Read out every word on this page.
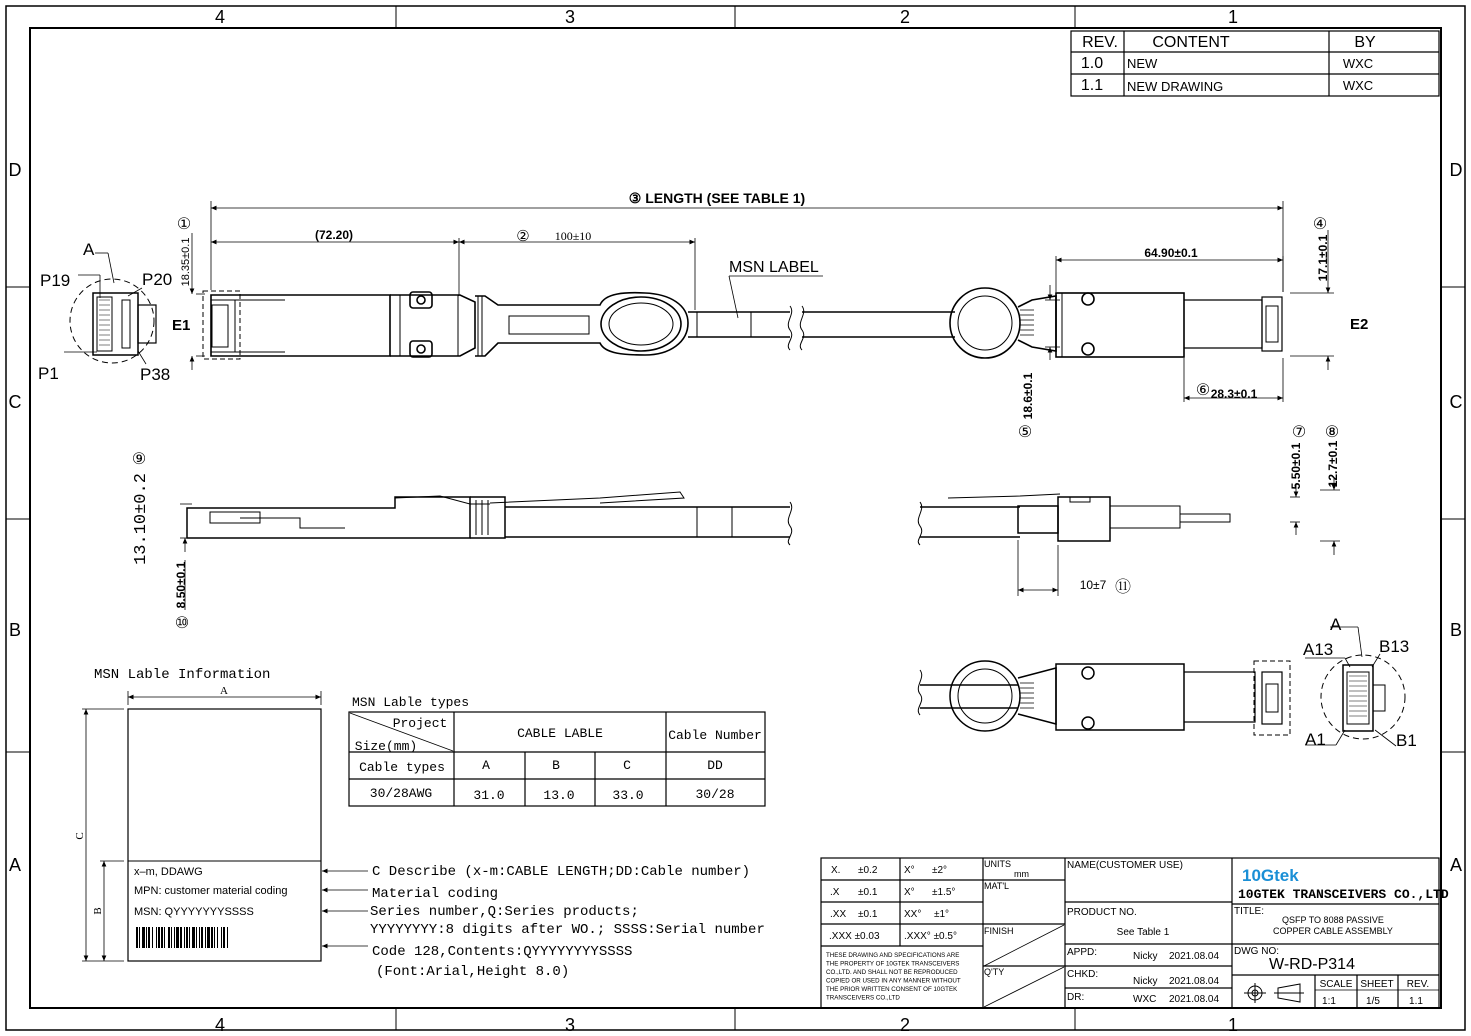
4	3	2	1
4	3	2	1
D
C
B
A
D
C
B
A
REV. CONTENT	BY
1.0 NEW	WXC
1.1 NEW DRAWING	WXC
③ LENGTH (SEE TABLE 1)
(72.20)	② 100±10
①
18.35±0.1	MSN LABEL
E1
A
P19	P20
P1	P38
64.90±0.1	17.1±0.1
④
E2
18.6±0.1
⑤
⑥ 28.3±0.1
⑨
13.10±0.2
8.50±0.1
⑩
5.50±0.1
⑦
12.7±0.1
⑧
10±7 ⑪
A
A13	B13
A1	B1
MSN Lable Information
A
C
B
x–m, DDAWG
MPN: customer material coding
MSN: QYYYYYYYSSSS
C Describe (x-m:CABLE LENGTH;DD:Cable number)
Material coding
Series number,Q:Series products;
YYYYYYYY:8 digits after WO.; SSSS:Serial number
Code 128,Contents:QYYYYYYYYSSSS
(Font:Arial,Height 8.0)
MSN Lable types
Project
Size(mm)
CABLE LABLE	Cable Number
Cable types	A	B	C	DD
30/28AWG	31.0	13.0	33.0	30/28
X. ±0.2	X° ±2°
.X ±0.1	X° ±1.5°
.XX ±0.1	XX° ±1°
.XXX ±0.03 .XXX° ±0.5°
THESE DRAWING AND SPECIFICATIONS ARE
THE PROPERTY OF 10GTEK TRANSCEIVERS
CO.,LTD. AND SHALL NOT BE REPRODUCED
COPIED OR USED IN ANY MANNER WITHOUT
THE PRIOR WRITTEN CONSENT OF 10GTEK
TRANSCEIVERS CO.,LTD
UNITS
mm
MAT'L
FINISH
Q'TY
NAME(CUSTOMER USE)
PRODUCT NO.
See Table 1
APPD:	Nicky 2021.08.04
CHKD:
Nicky 2021.08.04
DR:	WXC 2021.08.04
10Gtek
10GTEK TRANSCEIVERS CO.,LTD
TITLE:
QSFP TO 8088 PASSIVE
COPPER CABLE ASSEMBLY
DWG NO:
W-RD-P314
SCALE SHEET REV.
1:1	1/5	1.1
